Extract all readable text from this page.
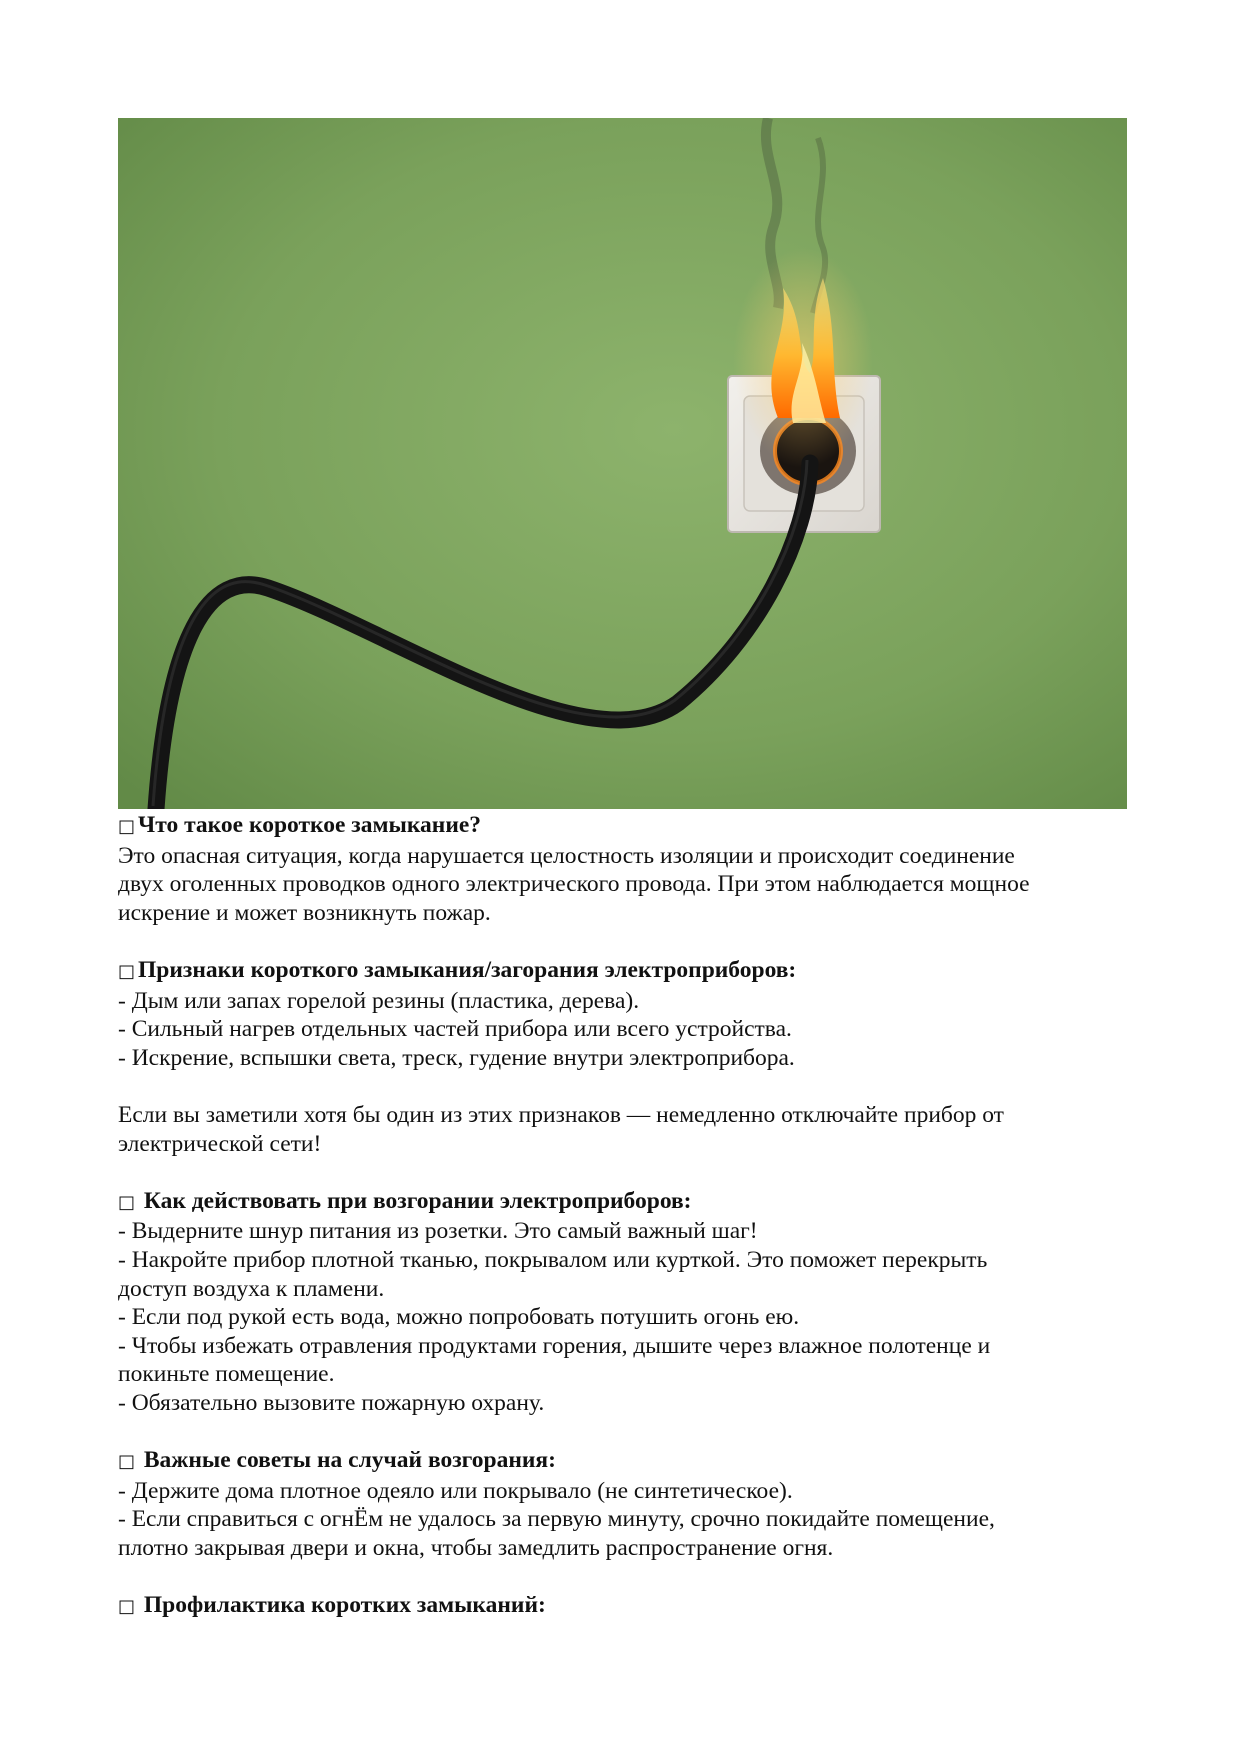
□ Что такое короткое замыкание?

Это опасная ситуация, когда нарушается целостность изоляции и происходит соединение

двух оголенных проводков одного электрического провода. При этом наблюдается мощное

искрение и может возникнуть пожар.

□ Признаки короткого замыкания/загорания электроприборов:

- Дым или запах горелой резины (пластика, дерева).

- Сильный нагрев отдельных частей прибора или всего устройства.

- Искрение, вспышки света, треск, гудение внутри электроприбора.

Если вы заметили хотя бы один из этих признаков — немедленно отключайте прибор от

электрической сети!

□ Как действовать при возгорании электроприборов:

- Выдерните шнур питания из розетки. Это самый важный шаг!

- Накройте прибор плотной тканью, покрывалом или курткой. Это поможет перекрыть

доступ воздуха к пламени.

- Если под рукой есть вода, можно попробовать потушить огонь ею.

- Чтобы избежать отравления продуктами горения, дышите через влажное полотенце и

покиньте помещение.

- Обязательно вызовите пожарную охрану.

□ Важные советы на случай возгорания:

- Держите дома плотное одеяло или покрывало (не синтетическое).

- Если справиться с огнЁм не удалось за первую минуту, срочно покидайте помещение,

плотно закрывая двери и окна, чтобы замедлить распространение огня.

□ Профилактика коротких замыканий:
